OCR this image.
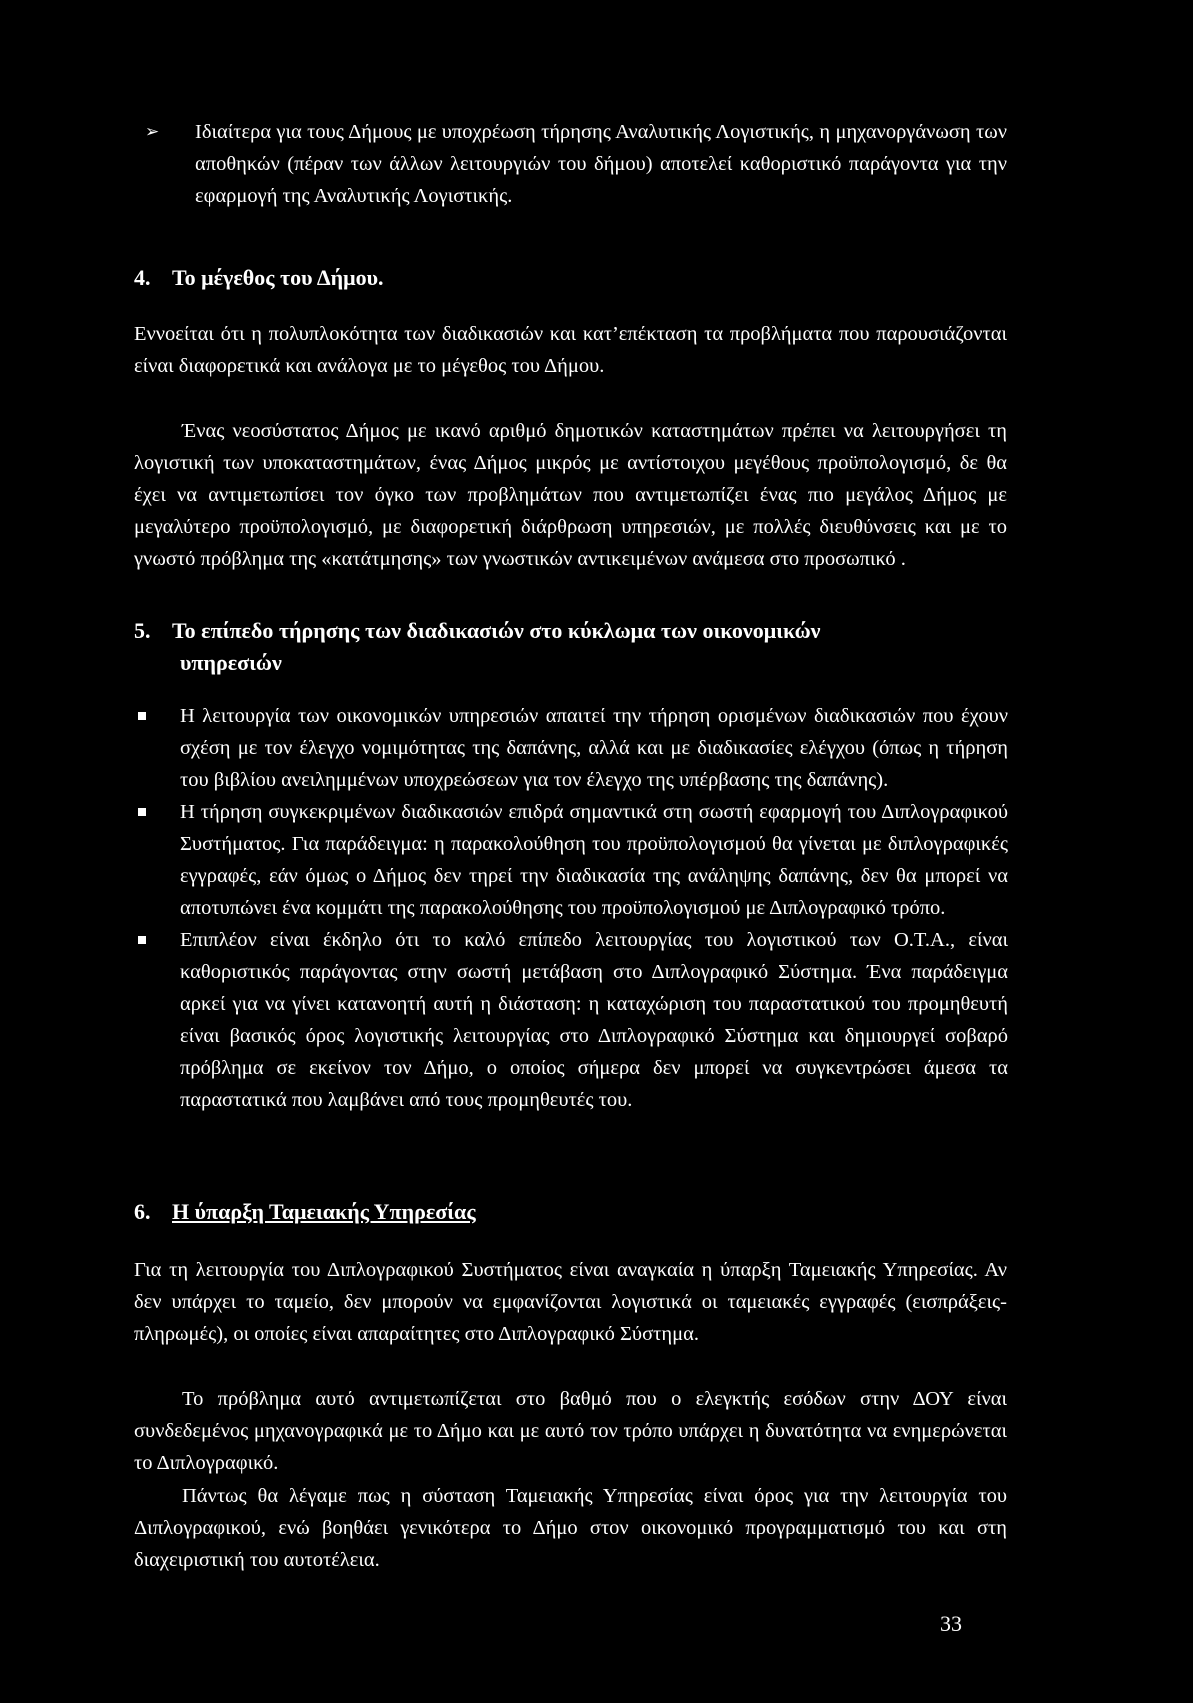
➢ Ιδιαίτερα για τους Δήμους με υποχρέωση τήρησης Αναλυτικής Λογιστικής, η μηχανοργάνωση των αποθηκών (πέραν των άλλων λειτουργιών του δήμου) αποτελεί καθοριστικό παράγοντα για την εφαρμογή της Αναλυτικής Λογιστικής.
4. Το μέγεθος του Δήμου.
Εννοείται ότι η πολυπλοκότητα των διαδικασιών και κατ’επέκταση τα προβλήματα που παρουσιάζονται είναι διαφορετικά και ανάλογα με το μέγεθος του Δήμου.
Ένας νεοσύστατος Δήμος με ικανό αριθμό δημοτικών καταστημάτων πρέπει να λειτουργήσει τη λογιστική των υποκαταστημάτων, ένας Δήμος μικρός με αντίστοιχου μεγέθους προϋπολογισμό, δε θα έχει να αντιμετωπίσει τον όγκο των προβλημάτων που αντιμετωπίζει ένας πιο μεγάλος Δήμος με μεγαλύτερο προϋπολογισμό, με διαφορετική διάρθρωση υπηρεσιών, με πολλές διευθύνσεις και με το γνωστό πρόβλημα της «κατάτμησης» των γνωστικών αντικειμένων ανάμεσα στο προσωπικό .
5. Το επίπεδο τήρησης των διαδικασιών στο κύκλωμα των οικονομικών
υπηρεσιών
Η λειτουργία των οικονομικών υπηρεσιών απαιτεί την τήρηση ορισμένων διαδικασιών που έχουν σχέση με τον έλεγχο νομιμότητας της δαπάνης, αλλά και με διαδικασίες ελέγχου (όπως η τήρηση του βιβλίου ανειλημμένων υποχρεώσεων για τον έλεγχο της υπέρβασης της δαπάνης).
Η τήρηση συγκεκριμένων διαδικασιών επιδρά σημαντικά στη σωστή εφαρμογή του Διπλογραφικού Συστήματος. Για παράδειγμα: η παρακολούθηση του προϋπολογισμού θα γίνεται με διπλογραφικές εγγραφές, εάν όμως ο Δήμος δεν τηρεί την διαδικασία της ανάληψης δαπάνης, δεν θα μπορεί να αποτυπώνει ένα κομμάτι της παρακολούθησης του προϋπολογισμού με Διπλογραφικό τρόπο.
Επιπλέον είναι έκδηλο ότι το καλό επίπεδο λειτουργίας του λογιστικού των Ο.Τ.Α., είναι καθοριστικός παράγοντας στην σωστή μετάβαση στο Διπλογραφικό Σύστημα. Ένα παράδειγμα αρκεί για να γίνει κατανοητή αυτή η διάσταση: η καταχώριση του παραστατικού του προμηθευτή είναι βασικός όρος λογιστικής λειτουργίας στο Διπλογραφικό Σύστημα και δημιουργεί σοβαρό πρόβλημα σε εκείνον τον Δήμο, ο οποίος σήμερα δεν μπορεί να συγκεντρώσει άμεσα τα παραστατικά που λαμβάνει από τους προμηθευτές του.
6. Η ύπαρξη Ταμειακής Υπηρεσίας
Για τη λειτουργία του Διπλογραφικού Συστήματος είναι αναγκαία η ύπαρξη Ταμειακής Υπηρεσίας. Αν δεν υπάρχει το ταμείο, δεν μπορούν να εμφανίζονται λογιστικά οι ταμειακές εγγραφές (εισπράξεις-πληρωμές), οι οποίες είναι απαραίτητες στο Διπλογραφικό Σύστημα.
Το πρόβλημα αυτό αντιμετωπίζεται στο βαθμό που ο ελεγκτής εσόδων στην ΔΟΥ είναι συνδεδεμένος μηχανογραφικά με το Δήμο και με αυτό τον τρόπο υπάρχει η δυνατότητα να ενημερώνεται το Διπλογραφικό.
Πάντως θα λέγαμε πως η σύσταση Ταμειακής Υπηρεσίας είναι όρος για την λειτουργία του Διπλογραφικού, ενώ βοηθάει γενικότερα το Δήμο στον οικονομικό προγραμματισμό του και στη διαχειριστική του αυτοτέλεια.
33
